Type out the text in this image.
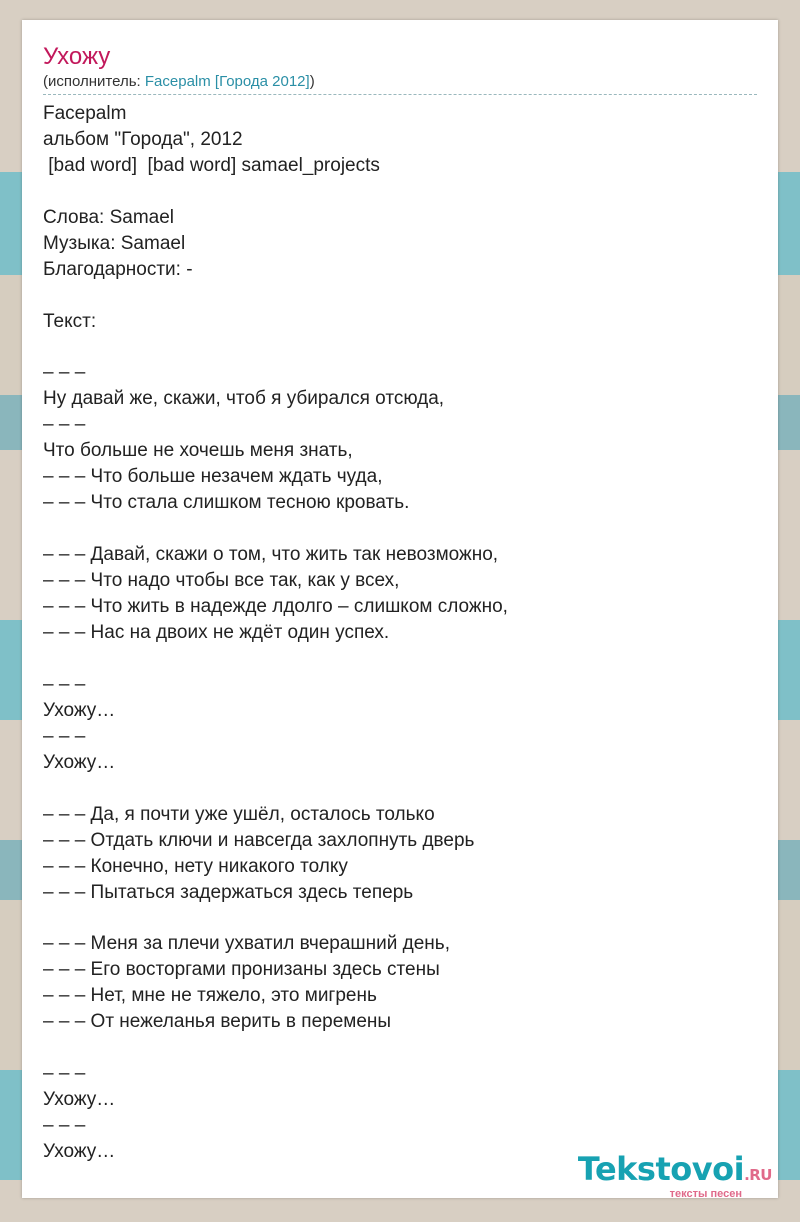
Ухожу
(исполнитель: Facepalm [Города 2012])
Facepalm
альбом "Города", 2012
[bad word]  [bad word] samael_projects
Слова: Samael
Музыка: Samael
Благодарности: -
Текст:
– – –
Ну давай же, скажи, чтоб я убирался отсюда,
– – –
Что больше не хочешь меня знать,
– – – Что больше незачем ждать чуда,
– – – Что стала слишком тесною кровать.
– – – Давай, скажи о том, что жить так невозможно,
– – – Что надо чтобы все так, как у всех,
– – – Что жить в надежде лдолго – слишком сложно,
– – – Нас на двоих не ждёт один успех.
– – –
Ухожу…
– – –
Ухожу…
– – – Да, я почти уже ушёл, осталось только
– – – Отдать ключи и навсегда захлопнуть дверь
– – – Конечно, нету никакого толку
– – – Пытаться задержаться здесь теперь
– – – Меня за плечи ухватил вчерашний день,
– – – Его восторгами пронизаны здесь стены
– – – Нет, мне не тяжело, это мигрень
– – – От нежеланья верить в перемены
– – –
Ухожу…
– – –
Ухожу…	Tekstovoi.RU
тексты песен
